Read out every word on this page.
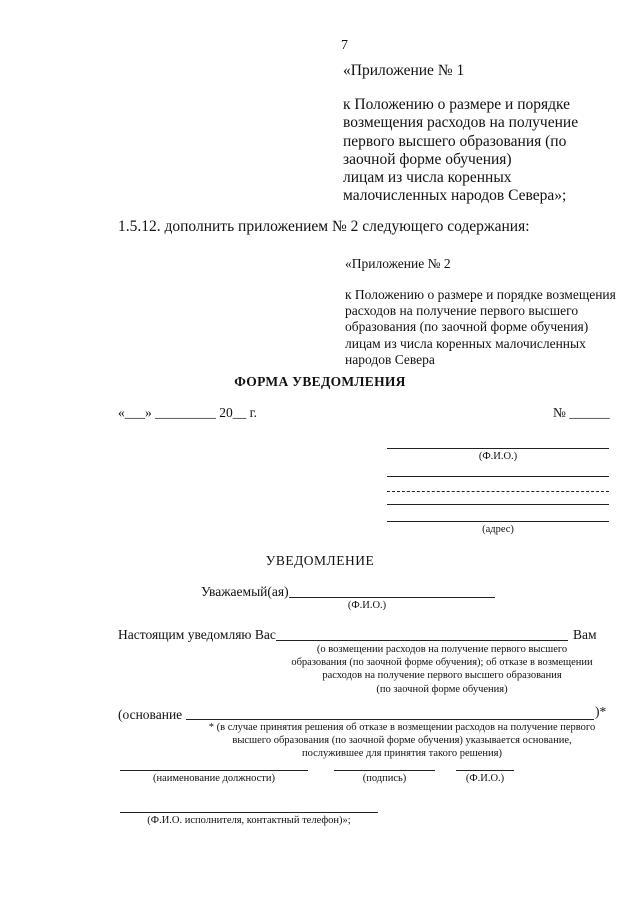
7
«Приложение № 1
к Положению о размере и порядке
возмещения расходов на получение
первого высшего образования (по
заочной форме обучения)
лицам из числа коренных
малочисленных народов Севера»;
1.5.12. дополнить приложением № 2 следующего содержания:
«Приложение № 2
к Положению о размере и порядке возмещения
расходов на получение первого высшего
образования (по заочной форме обучения)
лицам из числа коренных малочисленных
народов Севера
ФОРМА УВЕДОМЛЕНИЯ
«___» _________ 20__ г.	№ ______
(Ф.И.О.)
(адрес)
УВЕДОМЛЕНИЕ
Уважаемый(ая)
(Ф.И.О.)
Настоящим уведомляю Вас	Вам
(о возмещении расходов на получение первого высшего
образования (по заочной форме обучения); об отказе в возмещении
расходов на получение первого высшего образования
(по заочной форме обучения)
(основание	)*
* (в случае принятия решения об отказе в возмещении расходов на получение первого
высшего образования (по заочной форме обучения) указывается основание,
послужившее для принятия такого решения)
(наименование должности)	(подпись)	(Ф.И.О.)
(Ф.И.О. исполнителя, контактный телефон)»;
